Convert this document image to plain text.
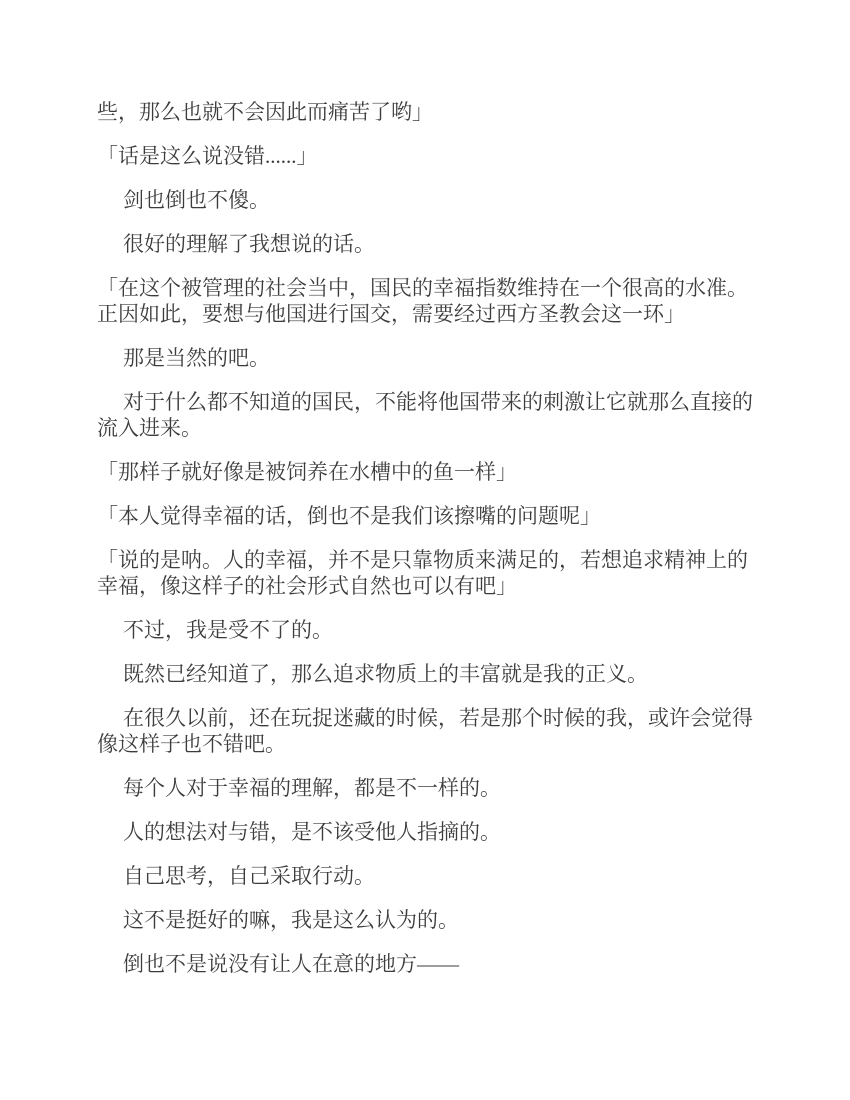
些，那么也就不会因此而痛苦了哟」

「话是这么说没错......」

剑也倒也不傻。

很好的理解了我想说的话。

「在这个被管理的社会当中，国民的幸福指数维持在一个很高的水准。
正因如此，要想与他国进行国交，需要经过西方圣教会这一环」

那是当然的吧。

对于什么都不知道的国民，不能将他国带来的刺激让它就那么直接的
流入进来。

「那样子就好像是被饲养在水槽中的鱼一样」

「本人觉得幸福的话，倒也不是我们该擦嘴的问题呢」

「说的是呐。人的幸福，并不是只靠物质来满足的，若想追求精神上的
幸福，像这样子的社会形式自然也可以有吧」

不过，我是受不了的。

既然已经知道了，那么追求物质上的丰富就是我的正义。

在很久以前，还在玩捉迷藏的时候，若是那个时候的我，或许会觉得
像这样子也不错吧。

每个人对于幸福的理解，都是不一样的。

人的想法对与错，是不该受他人指摘的。

自己思考，自己采取行动。

这不是挺好的嘛，我是这么认为的。

倒也不是说没有让人在意的地方——
